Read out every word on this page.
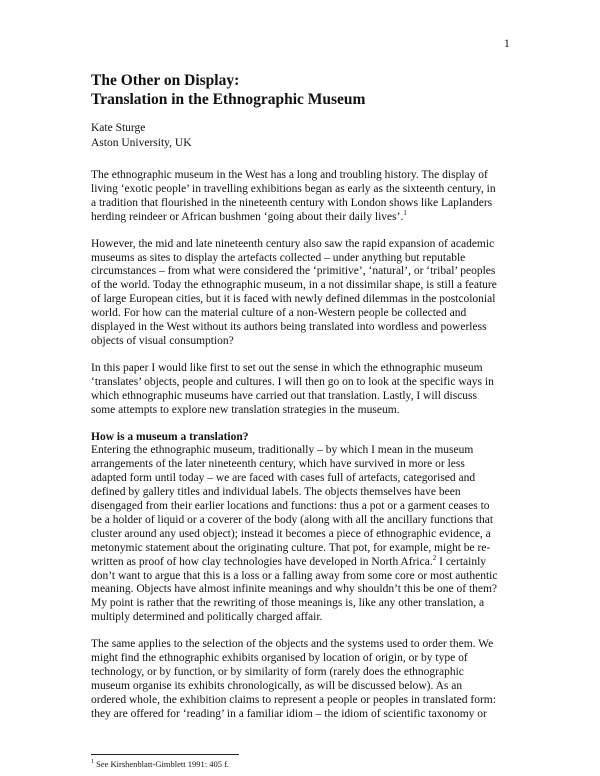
1
The Other on Display:
Translation in the Ethnographic Museum
Kate Sturge
Aston University, UK

The ethnographic museum in the West has a long and troubling history. The display of
living ‘exotic people’ in travelling exhibitions began as early as the sixteenth century, in
a tradition that flourished in the nineteenth century with London shows like Laplanders
herding reindeer or African bushmen ‘going about their daily lives’.$^1$

However, the mid and late nineteenth century also saw the rapid expansion of academic
museums as sites to display the artefacts collected – under anything but reputable
circumstances – from what were considered the ‘primitive’, ‘natural’, or ‘tribal’ peoples
of the world. Today the ethnographic museum, in a not dissimilar shape, is still a feature
of large European cities, but it is faced with newly defined dilemmas in the postcolonial
world. For how can the material culture of a non-Western people be collected and
displayed in the West without its authors being translated into wordless and powerless
objects of visual consumption?

In this paper I would like first to set out the sense in which the ethnographic museum
‘translates’ objects, people and cultures. I will then go on to look at the specific ways in
which ethnographic museums have carried out that translation. Lastly, I will discuss
some attempts to explore new translation strategies in the museum.

How is a museum a translation?
Entering the ethnographic museum, traditionally – by which I mean in the museum
arrangements of the later nineteenth century, which have survived in more or less
adapted form until today – we are faced with cases full of artefacts, categorised and
defined by gallery titles and individual labels. The objects themselves have been
disengaged from their earlier locations and functions: thus a pot or a garment ceases to
be a holder of liquid or a coverer of the body (along with all the ancillary functions that
cluster around any used object); instead it becomes a piece of ethnographic evidence, a
metonymic statement about the originating culture. That pot, for example, might be re-
written as proof of how clay technologies have developed in North Africa.$^2$ I certainly
don’t want to argue that this is a loss or a falling away from some core or most authentic
meaning. Objects have almost infinite meanings and why shouldn’t this be one of them?
My point is rather that the rewriting of those meanings is, like any other translation, a
multiply determined and politically charged affair.

The same applies to the selection of the objects and the systems used to order them. We
might find the ethnographic exhibits organised by location of origin, or by type of
technology, or by function, or by similarity of form (rarely does the ethnographic
museum organise its exhibits chronologically, as will be discussed below). As an
ordered whole, the exhibition claims to represent a people or peoples in translated form:
they are offered for ‘reading’ in a familiar idiom – the idiom of scientific taxonomy or

$^1$ See Kirshenblatt-Gimblett 1991: 405 f.
